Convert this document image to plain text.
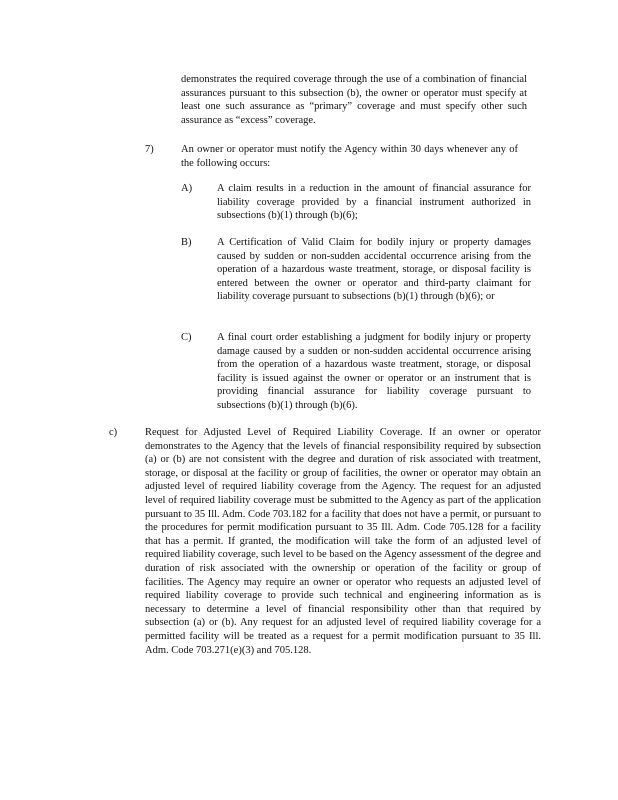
demonstrates the required coverage through the use of a combination of financial assurances pursuant to this subsection (b), the owner or operator must specify at least one such assurance as “primary” coverage and must specify other such assurance as “excess” coverage.

7)	An owner or operator must notify the Agency within 30 days whenever any of the following occurs:

A) A claim results in a reduction in the amount of financial assurance for liability coverage provided by a financial instrument authorized in subsections (b)(1) through (b)(6);

B) A Certification of Valid Claim for bodily injury or property damages caused by sudden or non-sudden accidental occurrence arising from the operation of a hazardous waste treatment, storage, or disposal facility is entered between the owner or operator and third-party claimant for liability coverage pursuant to subsections (b)(1) through (b)(6); or

C) A final court order establishing a judgment for bodily injury or property damage caused by a sudden or non-sudden accidental occurrence arising from the operation of a hazardous waste treatment, storage, or disposal facility is issued against the owner or operator or an instrument that is providing financial assurance for liability coverage pursuant to subsections (b)(1) through (b)(6).

c)	Request for Adjusted Level of Required Liability Coverage. If an owner or operator demonstrates to the Agency that the levels of financial responsibility required by subsection (a) or (b) are not consistent with the degree and duration of risk associated with treatment, storage, or disposal at the facility or group of facilities, the owner or operator may obtain an adjusted level of required liability coverage from the Agency. The request for an adjusted level of required liability coverage must be submitted to the Agency as part of the application pursuant to 35 Ill. Adm. Code 703.182 for a facility that does not have a permit, or pursuant to the procedures for permit modification pursuant to 35 Ill. Adm. Code 705.128 for a facility that has a permit. If granted, the modification will take the form of an adjusted level of required liability coverage, such level to be based on the Agency assessment of the degree and duration of risk associated with the ownership or operation of the facility or group of facilities. The Agency may require an owner or operator who requests an adjusted level of required liability coverage to provide such technical and engineering information as is necessary to determine a level of financial responsibility other than that required by subsection (a) or (b). Any request for an adjusted level of required liability coverage for a permitted facility will be treated as a request for a permit modification pursuant to 35 Ill. Adm. Code 703.271(e)(3) and 705.128.
